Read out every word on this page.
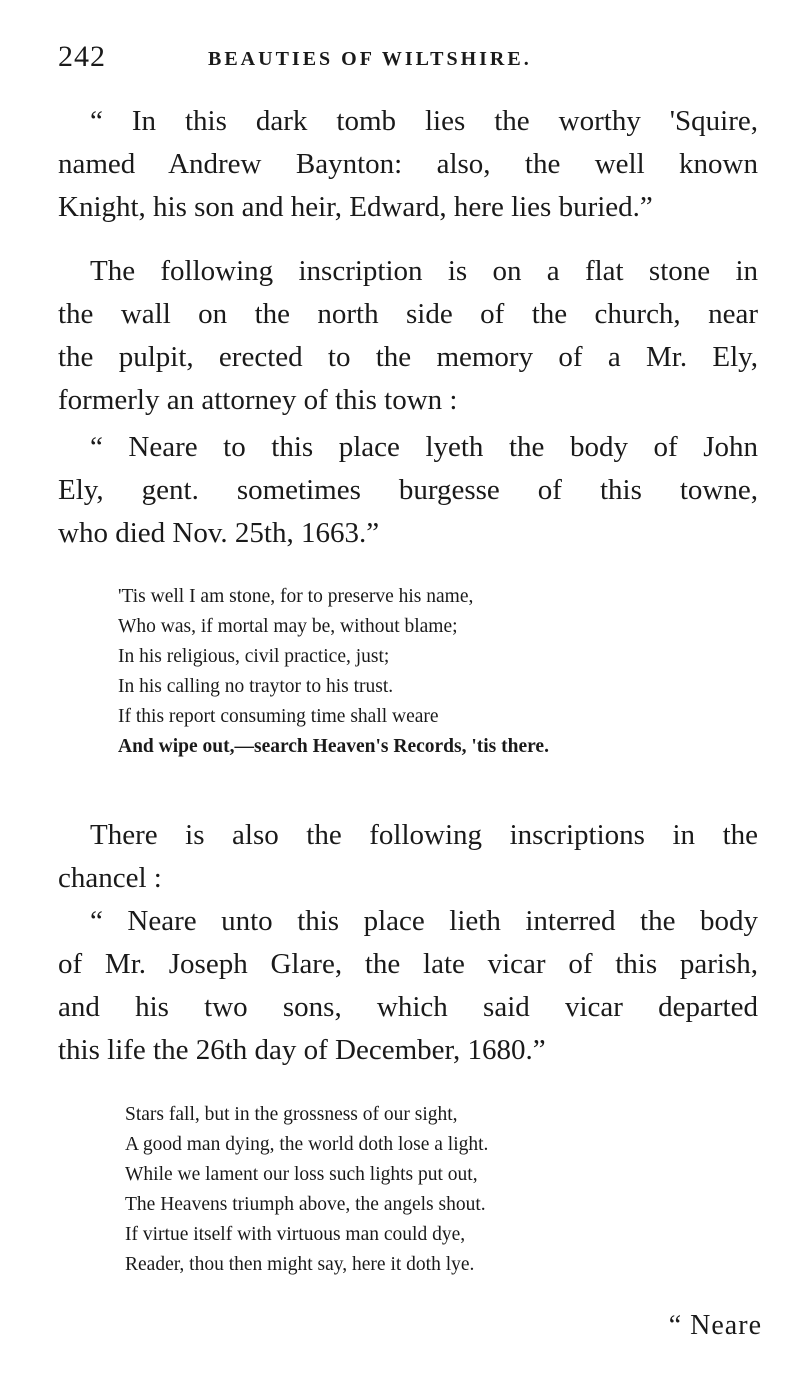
242	BEAUTIES OF WILTSHIRE.
“ In this dark tomb lies the worthy 'Squire,
named Andrew Baynton: also, the well known
Knight, his son and heir, Edward, here lies buried.”
The following inscription is on a flat stone in
the wall on the north side of the church, near
the pulpit, erected to the memory of a Mr. Ely,
formerly an attorney of this town :
“ Neare to this place lyeth the body of John
Ely, gent. sometimes burgesse of this towne,
who died Nov. 25th, 1663.”
'Tis well I am stone, for to preserve his name,
Who was, if mortal may be, without blame;
In his religious, civil practice, just;
In his calling no traytor to his trust.
If this report consuming time shall weare
And wipe out,—search Heaven's Records, 'tis there.
There is also the following inscriptions in the
chancel :
“ Neare unto this place lieth interred the body
of Mr. Joseph Glare, the late vicar of this parish,
and his two sons, which said vicar departed
this life the 26th day of December, 1680.”
Stars fall, but in the grossness of our sight,
A good man dying, the world doth lose a light.
While we lament our loss such lights put out,
The Heavens triumph above, the angels shout.
If virtue itself with virtuous man could dye,
Reader, thou then might say, here it doth lye.
“ Neare
